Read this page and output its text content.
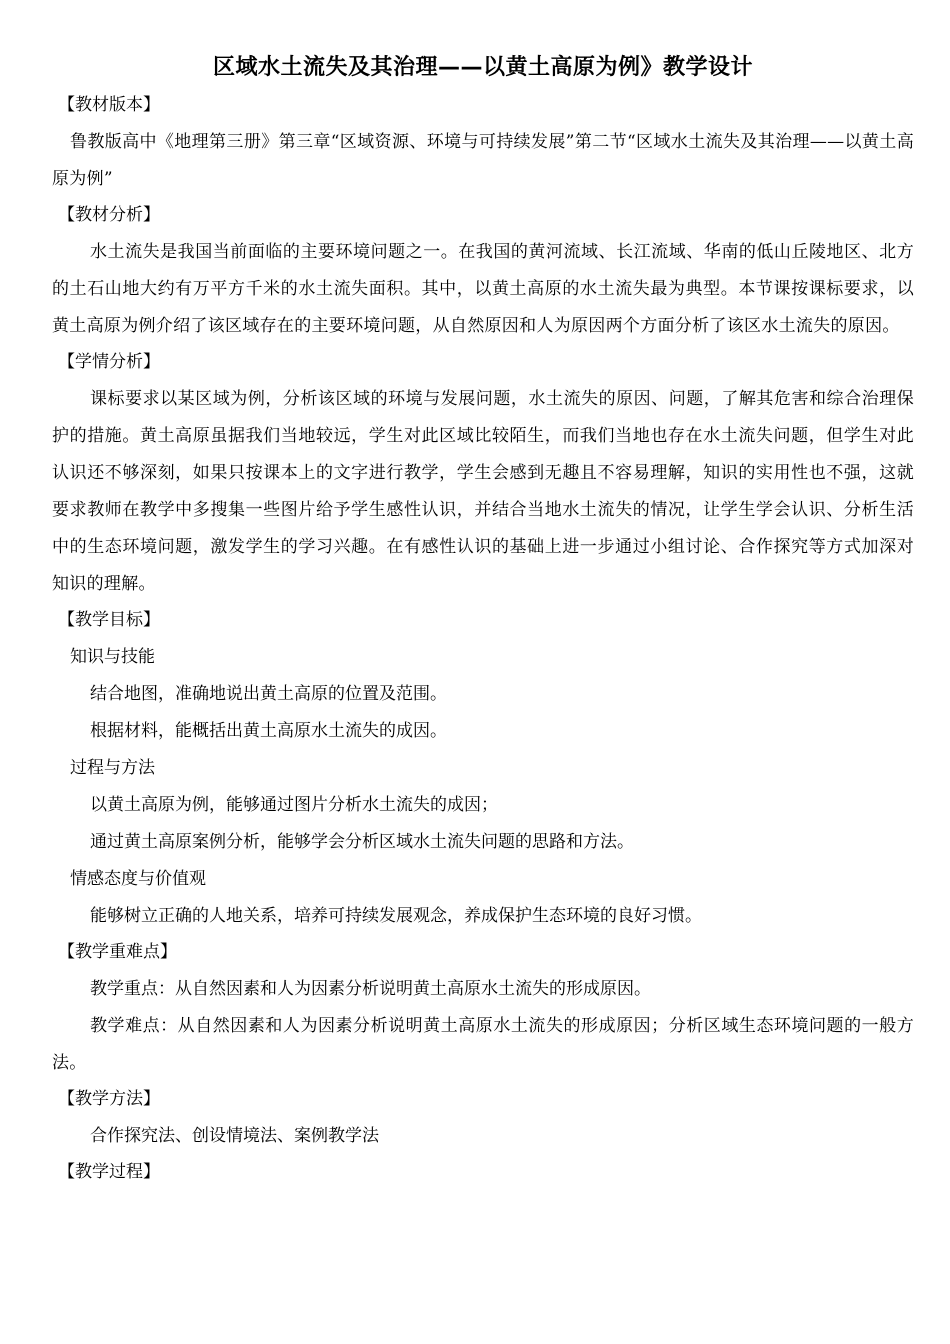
区域水土流失及其治理——以黄土高原为例》教学设计
【教材版本】

鲁教版高中《地理第三册》第三章“区域资源、环境与可持续发展”第二节“区域水土流失及其治理——以黄土高原为例”

【教材分析】

水土流失是我国当前面临的主要环境问题之一。在我国的黄河流域、长江流域、华南的低山丘陵地区、北方的土石山地大约有万平方千米的水土流失面积。其中，以黄土高原的水土流失最为典型。本节课按课标要求，以黄土高原为例介绍了该区域存在的主要环境问题，从自然原因和人为原因两个方面分析了该区水土流失的原因。

【学情分析】

课标要求以某区域为例，分析该区域的环境与发展问题，水土流失的原因、问题，了解其危害和综合治理保护的措施。黄土高原虽据我们当地较远，学生对此区域比较陌生，而我们当地也存在水土流失问题，但学生对此认识还不够深刻，如果只按课本上的文字进行教学，学生会感到无趣且不容易理解，知识的实用性也不强，这就要求教师在教学中多搜集一些图片给予学生感性认识，并结合当地水土流失的情况，让学生学会认识、分析生活中的生态环境问题，激发学生的学习兴趣。在有感性认识的基础上进一步通过小组讨论、合作探究等方式加深对知识的理解。

【教学目标】
知识与技能
结合地图，准确地说出黄土高原的位置及范围。
根据材料，能概括出黄土高原水土流失的成因。
过程与方法
以黄土高原为例，能够通过图片分析水土流失的成因；
通过黄土高原案例分析，能够学会分析区域水土流失问题的思路和方法。
情感态度与价值观
能够树立正确的人地关系，培养可持续发展观念，养成保护生态环境的良好习惯。
【教学重难点】
教学重点：从自然因素和人为因素分析说明黄土高原水土流失的形成原因。

教学难点：从自然因素和人为因素分析说明黄土高原水土流失的形成原因；分析区域生态环境问题的一般方法。

【教学方法】
合作探究法、创设情境法、案例教学法
【教学过程】
